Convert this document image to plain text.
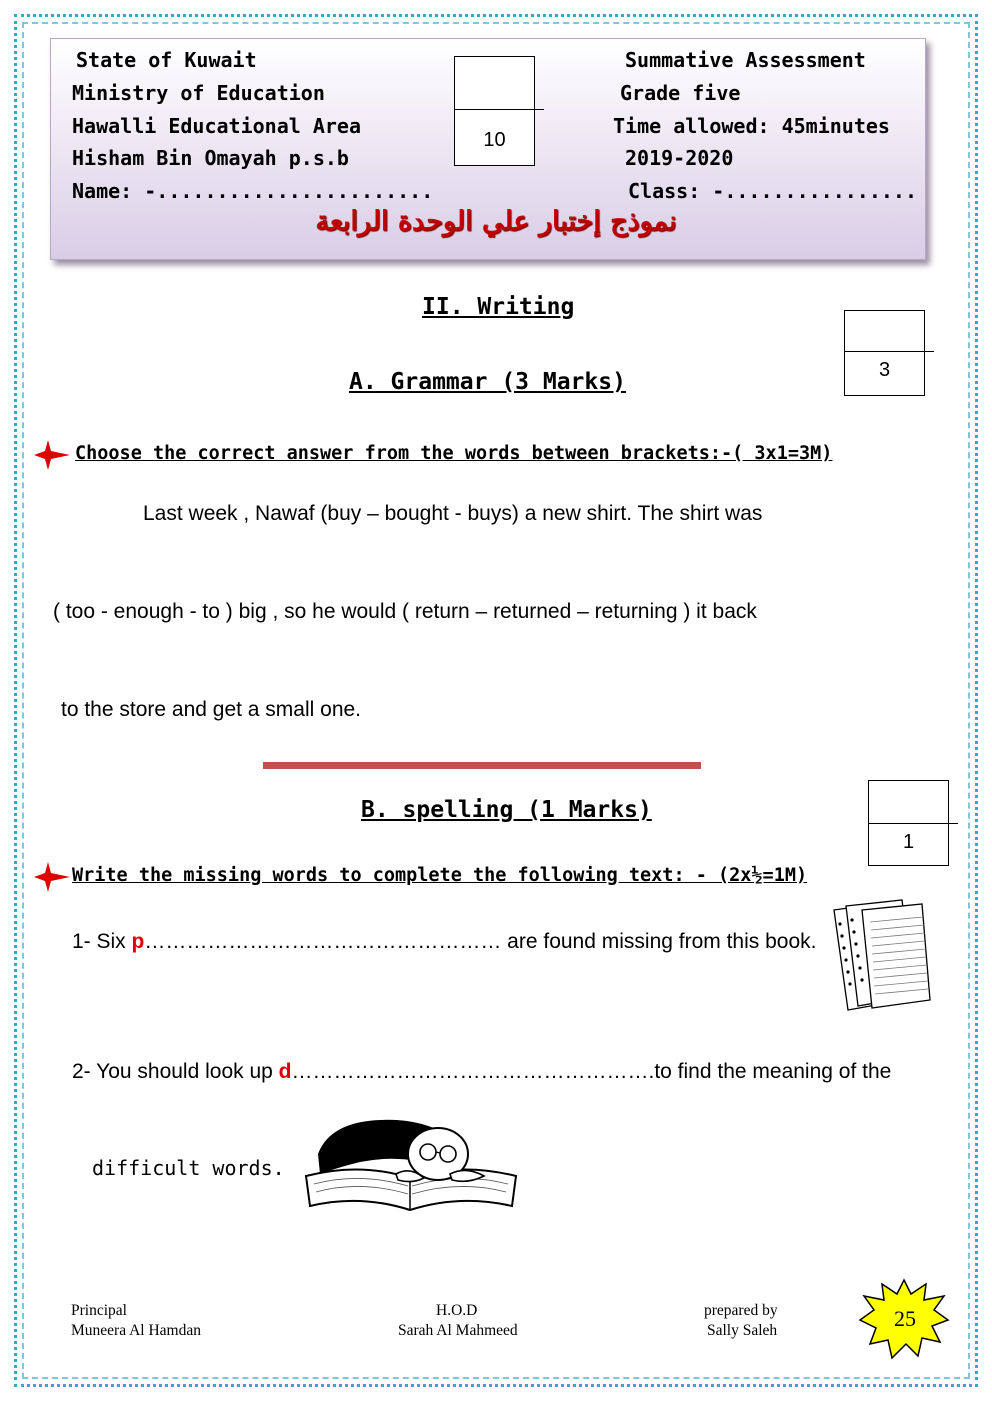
State of Kuwait
Ministry of Education
Hawalli Educational Area
Hisham Bin Omayah p.s.b
Name: -.......................
Summative Assessment
Grade five
Time allowed: 45minutes
2019-2020
Class: -................
10
نموذج إختبار علي الوحدة الرابعة
II. Writing
3
A. Grammar (3 Marks)
Choose the correct answer from the words between brackets:-( 3x1=3M)
Last week , Nawaf (buy – bought - buys) a new shirt. The shirt was
( too - enough - to ) big , so he would ( return – returned – returning ) it back
to the store and get a small one.
B. spelling (1 Marks)
1
Write the missing words to complete the following text: - (2x½=1M)
1- Six p…………………………………………… are found missing from this book.
2- You should look up d…………………………………………….to find the meaning of the
difficult words.
Principal
Muneera Al Hamdan
H.O.D
Sarah Al Mahmeed
prepared by
Sally Saleh	25
